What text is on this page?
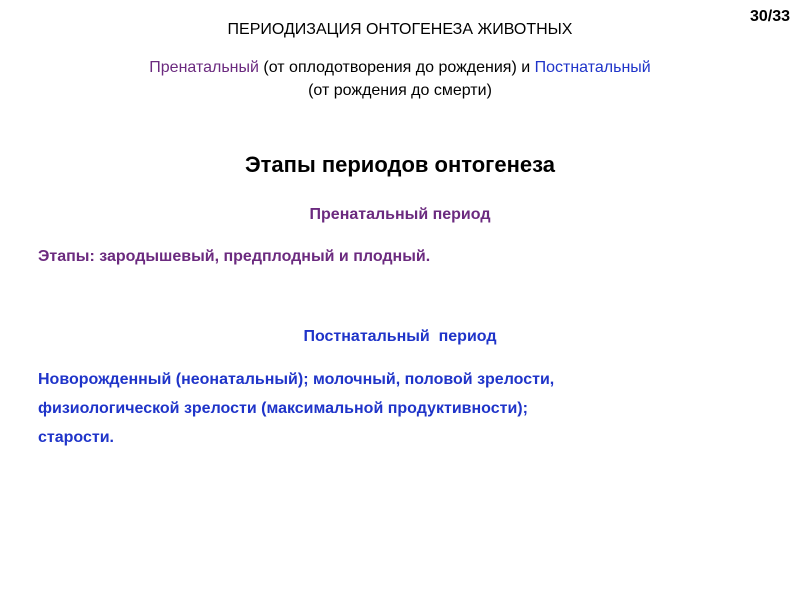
30/33
ПЕРИОДИЗАЦИЯ ОНТОГЕНЕЗА ЖИВОТНЫХ
Пренатальный (от оплодотворения до рождения) и Постнатальный
(от рождения до смерти)
Этапы периодов онтогенеза
Пренатальный период
Этапы: зародышевый, предплодный и плодный.
Постнатальный  период
Новорожденный (неонатальный); молочный, половой зрелости,
физиологической зрелости (максимальной продуктивности);
старости.
